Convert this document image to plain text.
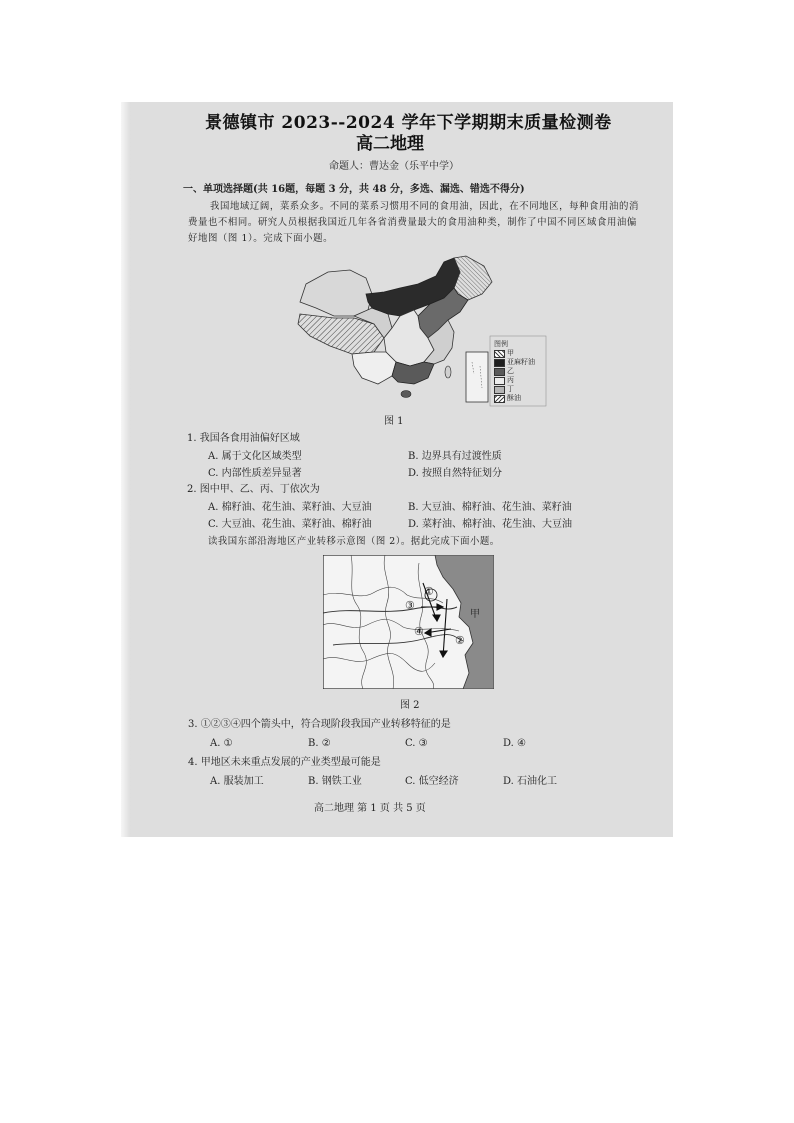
景德镇市 2023--2024 学年下学期期末质量检测卷
高二地理
命题人：曹达金（乐平中学）
一、单项选择题(共 16题，每题 3 分，共 48 分，多选、漏选、错选不得分)
我国地域辽阔，菜系众多。不同的菜系习惯用不同的食用油，因此，在不同地区，每种食用油的消费量也不相同。研究人员根据我国近几年各省消费量最大的食用油种类，制作了中国不同区域食用油偏好地图（图 1）。完成下面小题。
图例
甲
亚麻籽油
乙
丙
丁
酥油
图 1
1. 我国各食用油偏好区域
A. 属于文化区域类型	B. 边界具有过渡性质
C. 内部性质差异显著	D. 按照自然特征划分
2. 图中甲、乙、丙、丁依次为
A. 棉籽油、花生油、菜籽油、大豆油	B. 大豆油、棉籽油、花生油、菜籽油
C. 大豆油、花生油、菜籽油、棉籽油	D. 菜籽油、棉籽油、花生油、大豆油
读我国东部沿海地区产业转移示意图（图 2）。据此完成下面小题。
①
②
③
④
甲
图 2
3. ①②③④四个箭头中，符合现阶段我国产业转移特征的是
A. ①	B. ②	C. ③	D. ④
4. 甲地区未来重点发展的产业类型最可能是
A. 服装加工	B. 钢铁工业	C. 低空经济	D. 石油化工
高二地理 第 1 页 共 5 页
